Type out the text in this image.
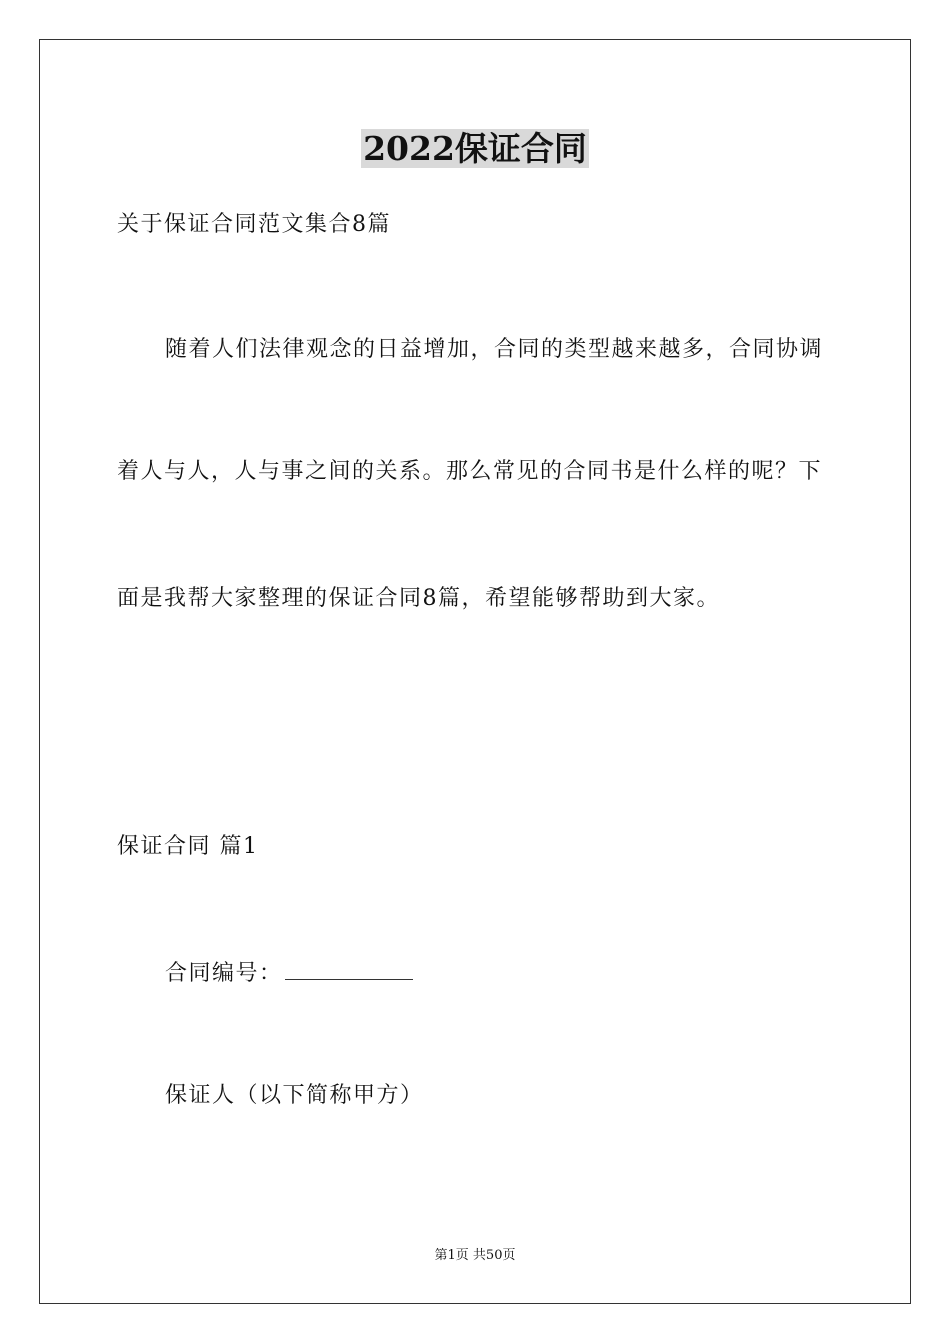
2022保证合同
关于保证合同范文集合8篇
随着人们法律观念的日益增加，合同的类型越来越多，合同协调
着人与人，人与事之间的关系。那么常见的合同书是什么样的呢？下
面是我帮大家整理的保证合同8篇，希望能够帮助到大家。
保证合同 篇1
合同编号：
保证人（以下简称甲方）
第1页 共50页
